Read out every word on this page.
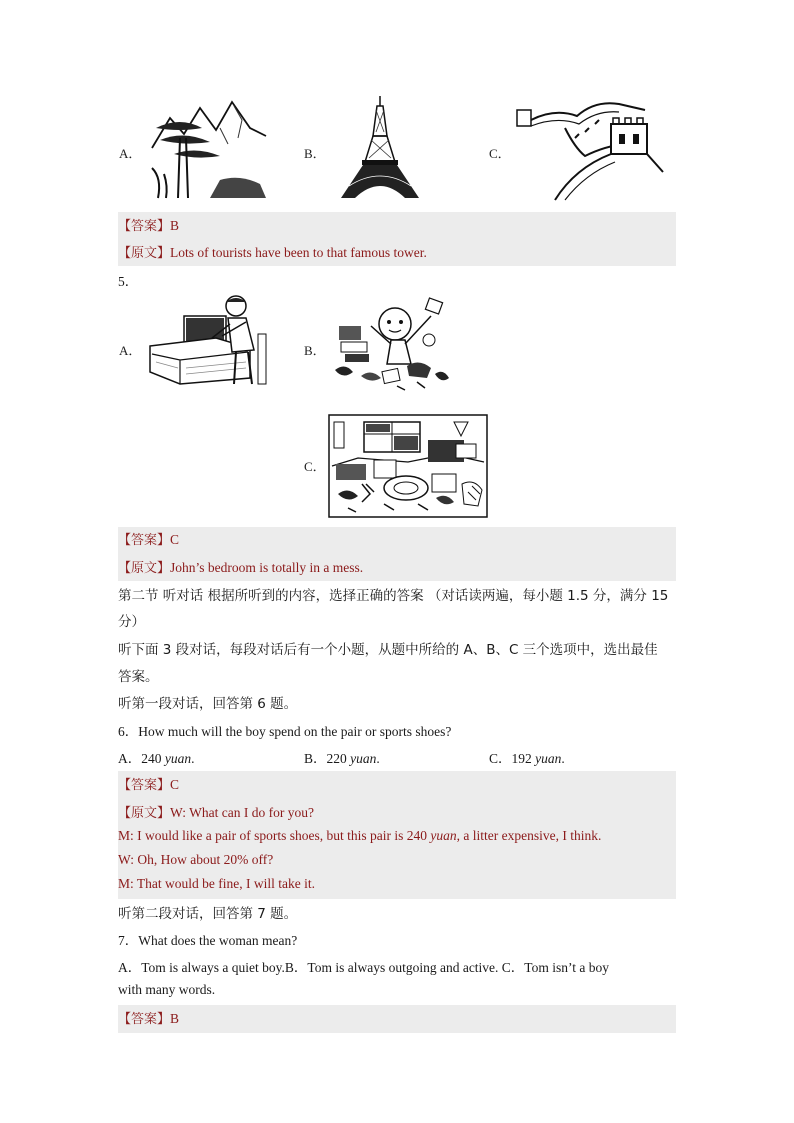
A．	B．	C．
【答案】B
【原文】Lots of tourists have been to that famous tower.
5．
A．	B．
C．
【答案】C
【原文】John’s bedroom is totally in a mess.
第二节 听对话 根据所听到的内容，选择正确的答案 （对话读两遍，每小题 1.5 分，满分 15
分）
听下面 3 段对话，每段对话后有一个小题，从题中所给的 A、B、C 三个选项中，选出最佳
答案。
听第一段对话，回答第 6 题。
6．How much will the boy spend on the pair or sports shoes?
A．240 yuan.	B．220 yuan.	C．192 yuan.
【答案】C
【原文】W: What can I do for you?
M: I would like a pair of sports shoes, but this pair is 240 yuan, a litter expensive, I think.
W: Oh, How about 20% off?
M: That would be fine, I will take it.
听第二段对话，回答第 7 题。
7．What does the woman mean?
A．Tom is always a quiet boy.B．Tom is always outgoing and active. C．Tom isn’t a boy
with many words.
【答案】B
